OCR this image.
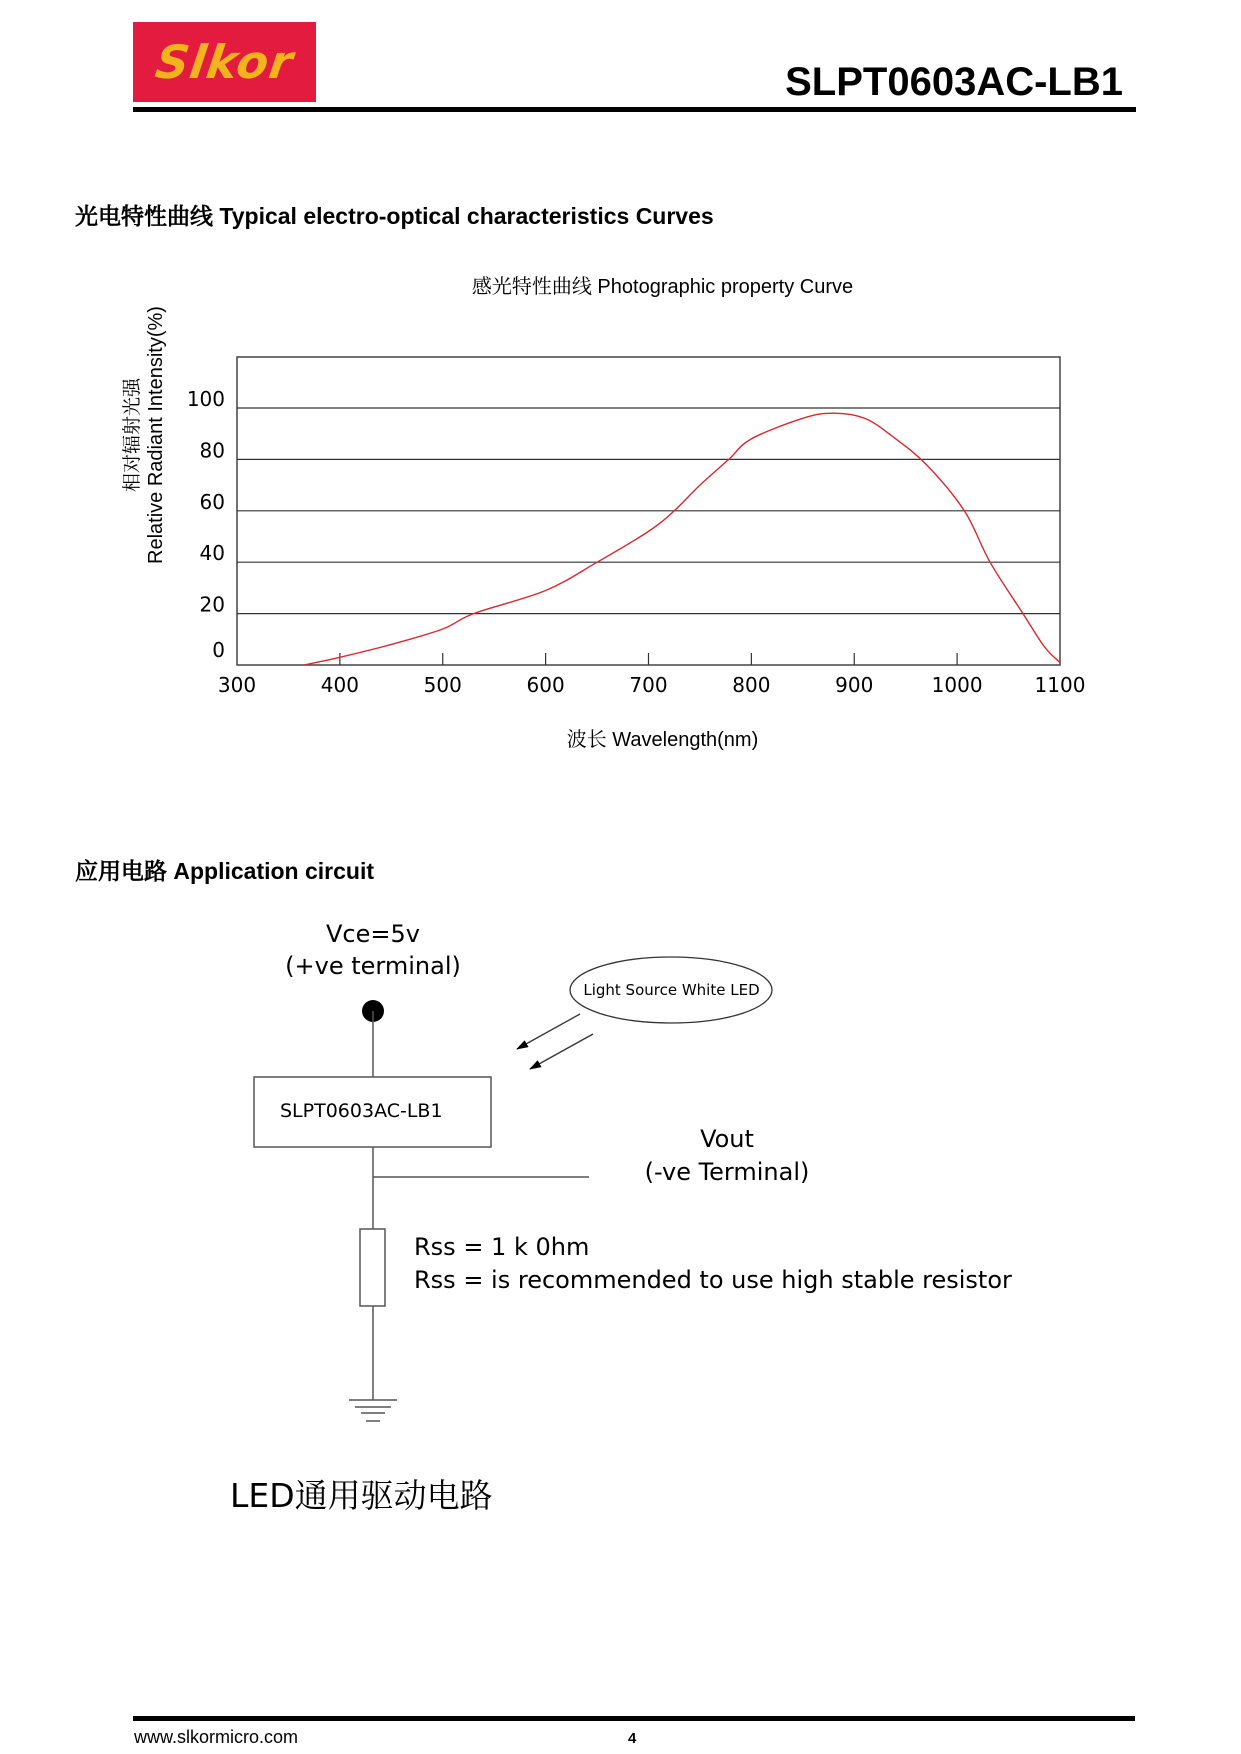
Slkor	SLPT0603AC-LB1
光电特性曲线 Typical electro-optical characteristics Curves
感光特性曲线 Photographic property Curve
0
20
40
60
80
100
300	400	500	600	700	800	900	1000	1100
相对辐射光强 Relative Radiant Intensity(%)
波长 Wavelength(nm)
应用电路 Application circuit
Vce=5v
(+ve terminal)
Light Source White LED
SLPT0603AC-LB1
Vout
(-ve Terminal)
Rss = 1 k 0hm
Rss = is recommended to use high stable resistor
LED通用驱动电路
www.slkormicro.com	4
